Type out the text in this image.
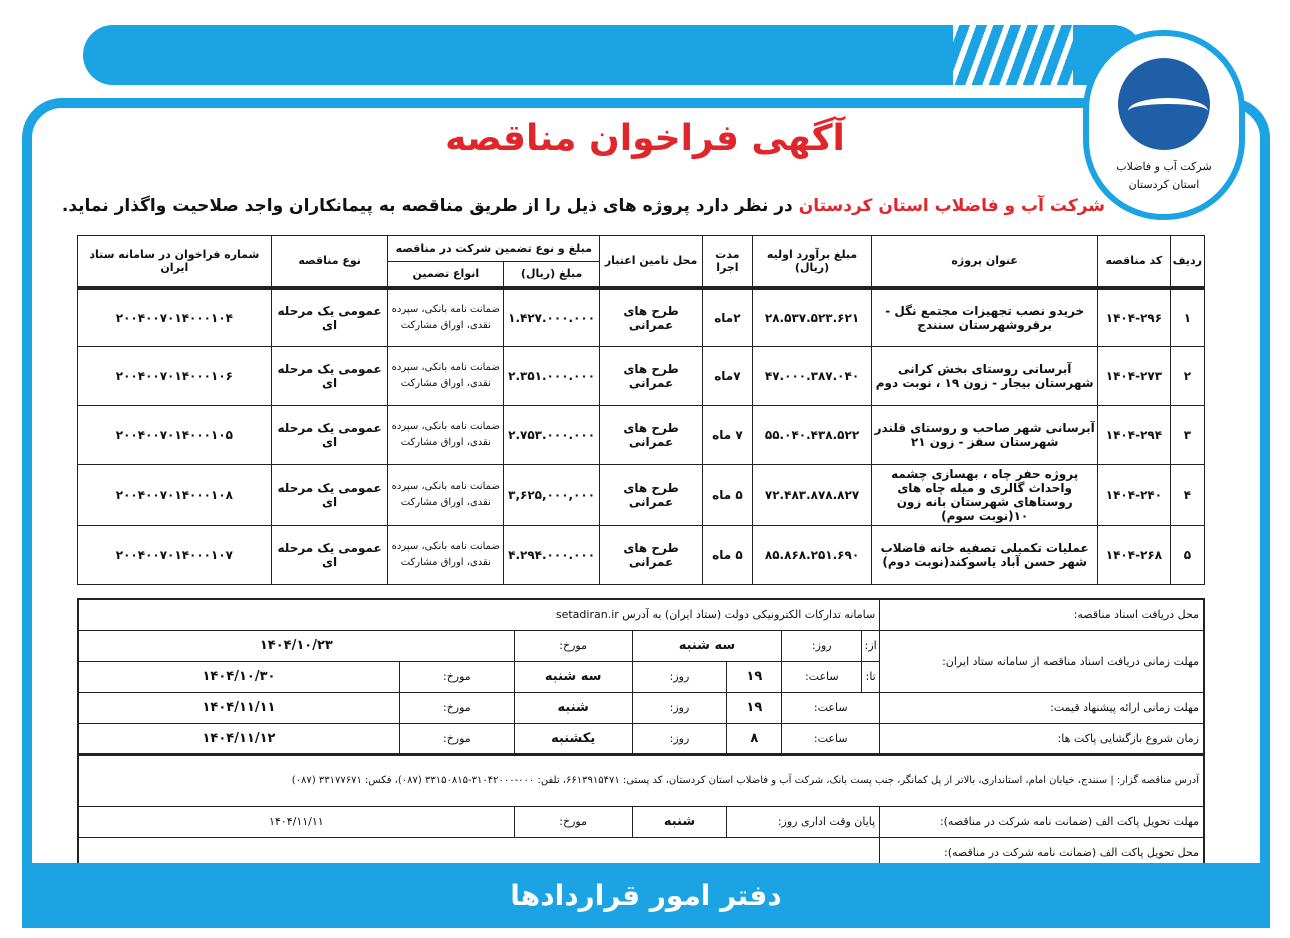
شرکت آب و فاضلاب
استان کردستان
آگهی فراخوان مناقصه
شرکت آب و فاضلاب استان کردستان در نظر دارد پروژه های ذیل را از طریق مناقصه به پیمانکاران واجد صلاحیت واگذار نماید.
ردیف	کد مناقصه	عنوان پروژه	مبلغ برآورد اولیه (ریال)	مدت اجرا	محل تامین اعتبار	مبلغ و نوع تضمین شرکت در مناقصه		نوع مناقصه	شماره فراخوان در سامانه ستاد ایران
						مبلغ (ریال)	انواع تضمین		
۱	۱۴۰۴-۲۹۶	خریدو نصب تجهیزات مجتمع نگل - برقروشهرستان سنندج	۲۸.۵۳۷.۵۲۳.۶۲۱	۲ماه	طرح های عمرانی	۱.۴۲۷.۰۰۰.۰۰۰	ضمانت نامه بانکی، سپرده نقدی، اوراق مشارکت	عمومی یک مرحله ای	۲۰۰۴۰۰۷۰۱۴۰۰۰۱۰۴
۲	۱۴۰۴-۲۷۳	آبرسانی روستای بخش کرانی شهرستان بیجار - زون ۱۹ ، نوبت دوم	۴۷.۰۰۰.۳۸۷.۰۴۰	۷ماه	طرح های عمرانی	۲.۳۵۱.۰۰۰.۰۰۰	ضمانت نامه بانکی، سپرده نقدی، اوراق مشارکت	عمومی یک مرحله ای	۲۰۰۴۰۰۷۰۱۴۰۰۰۱۰۶
۳	۱۴۰۴-۲۹۴	آبرسانی شهر صاحب و روستای قلندر شهرستان سقز - زون ۲۱	۵۵.۰۴۰.۴۳۸.۵۲۲	۷ ماه	طرح های عمرانی	۲.۷۵۳.۰۰۰.۰۰۰	ضمانت نامه بانکی، سپرده نقدی، اوراق مشارکت	عمومی یک مرحله ای	۲۰۰۴۰۰۷۰۱۴۰۰۰۱۰۵
۴	۱۴۰۴-۲۴۰	پروژه حفر چاه ، بهسازی چشمه واحداث گالری و میله چاه های روستاهای شهرستان بانه زون ۱۰(نوبت سوم)	۷۲.۴۸۳.۸۷۸.۸۲۷	۵ ماه	طرح های عمرانی	۳,۶۲۵,۰۰۰,۰۰۰	ضمانت نامه بانکی، سپرده نقدی، اوراق مشارکت	عمومی یک مرحله ای	۲۰۰۴۰۰۷۰۱۴۰۰۰۱۰۸
۵	۱۴۰۴-۲۶۸	عملیات تکمیلی تصفیه خانه فاضلاب شهر حسن آباد یاسوکند(نوبت دوم)	۸۵.۸۶۸.۲۵۱.۶۹۰	۵ ماه	طرح های عمرانی	۴.۲۹۴.۰۰۰.۰۰۰	ضمانت نامه بانکی، سپرده نقدی، اوراق مشارکت	عمومی یک مرحله ای	۲۰۰۴۰۰۷۰۱۴۰۰۰۱۰۷
محل دریافت اسناد مناقصه:	سامانه تدارکات الکترونیکی دولت (ستاد ایران) به آدرس setadiran.ir						
مهلت زمانی دریافت اسناد مناقصه از سامانه ستاد ایران:	از:	روز:	سه شنبه		مورخ:	۱۴۰۴/۱۰/۲۳	
	تا:	ساعت:	۱۹	روز:	سه شنبه	مورخ:	۱۴۰۴/۱۰/۳۰
مهلت زمانی ارائه پیشنهاد قیمت:	ساعت:		۱۹	روز:	شنبه	مورخ:	۱۴۰۴/۱۱/۱۱
زمان شروع بازگشایی پاکت ها:	ساعت:		۸	روز:	یکشنبه	مورخ:	۱۴۰۴/۱۱/۱۲
آدرس مناقصه گزار: | سنندج، خیابان امام، استانداری، بالاتر از پل کمانگر، جنب پست بانک، شرکت آب و فاضلاب استان کردستان، کد پستی: ۶۶۱۳۹۱۵۴۷۱، تلفن: ۰۰۰-۳۱۰۴۲۰۰۰-۳۳۱۵۰۸۱۵ (۰۸۷)، فکس: ۳۳۱۷۷۶۷۱ (۰۸۷)							
مهلت تحویل پاکت الف (ضمانت نامه شرکت در مناقصه):	پایان وقت اداری روز:			شنبه	مورخ:	۱۴۰۴/۱۱/۱۱	
محل تحویل پاکت الف (ضمانت نامه شرکت در مناقصه):							
دفتر امور قراردادها
